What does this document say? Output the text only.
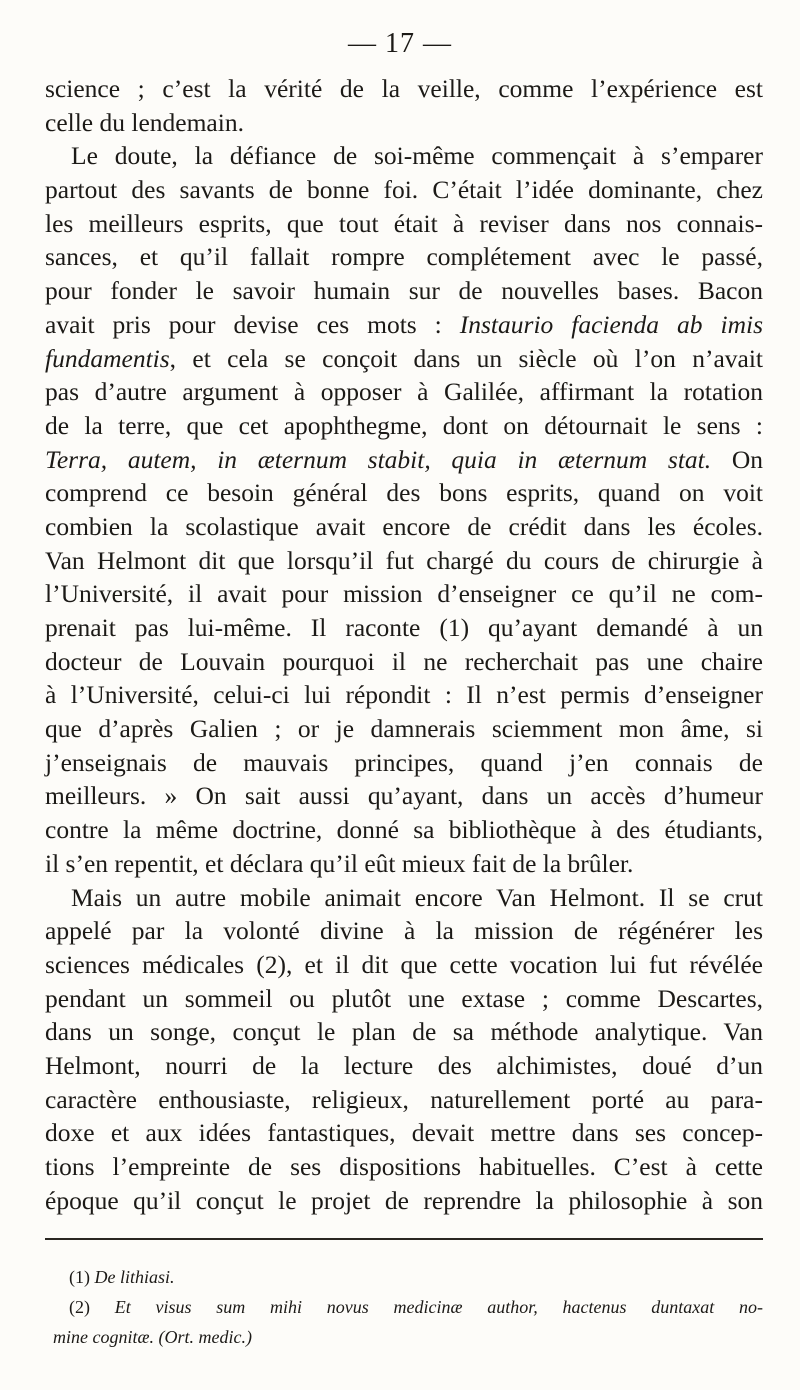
— 17 —
science ; c’est la vérité de la veille, comme l’expérience est
celle du lendemain.
Le doute, la défiance de soi-même commençait à s’emparer
partout des savants de bonne foi. C’était l’idée dominante, chez
les meilleurs esprits, que tout était à reviser dans nos connais-
sances, et qu’il fallait rompre complétement avec le passé,
pour fonder le savoir humain sur de nouvelles bases. Bacon
avait pris pour devise ces mots : Instaurio facienda ab imis
fundamentis, et cela se conçoit dans un siècle où l’on n’avait
pas d’autre argument à opposer à Galilée, affirmant la rotation
de la terre, que cet apophthegme, dont on détournait le sens :
Terra, autem, in æternum stabit, quia in æternum stat. On
comprend ce besoin général des bons esprits, quand on voit
combien la scolastique avait encore de crédit dans les écoles.
Van Helmont dit que lorsqu’il fut chargé du cours de chirurgie à
l’Université, il avait pour mission d’enseigner ce qu’il ne com-
prenait pas lui-même. Il raconte (1) qu’ayant demandé à un
docteur de Louvain pourquoi il ne recherchait pas une chaire
à l’Université, celui-ci lui répondit : Il n’est permis d’enseigner
que d’après Galien ; or je damnerais sciemment mon âme, si
j’enseignais de mauvais principes, quand j’en connais de
meilleurs. » On sait aussi qu’ayant, dans un accès d’humeur
contre la même doctrine, donné sa bibliothèque à des étudiants,
il s’en repentit, et déclara qu’il eût mieux fait de la brûler.
Mais un autre mobile animait encore Van Helmont. Il se crut
appelé par la volonté divine à la mission de régénérer les
sciences médicales (2), et il dit que cette vocation lui fut révélée
pendant un sommeil ou plutôt une extase ; comme Descartes,
dans un songe, conçut le plan de sa méthode analytique. Van
Helmont, nourri de la lecture des alchimistes, doué d’un
caractère enthousiaste, religieux, naturellement porté au para-
doxe et aux idées fantastiques, devait mettre dans ses concep-
tions l’empreinte de ses dispositions habituelles. C’est à cette
époque qu’il conçut le projet de reprendre la philosophie à son
(1) De lithiasi.
(2) Et visus sum mihi novus medicinæ author, hactenus duntaxat no-
mine cognitæ. (Ort. medic.)
